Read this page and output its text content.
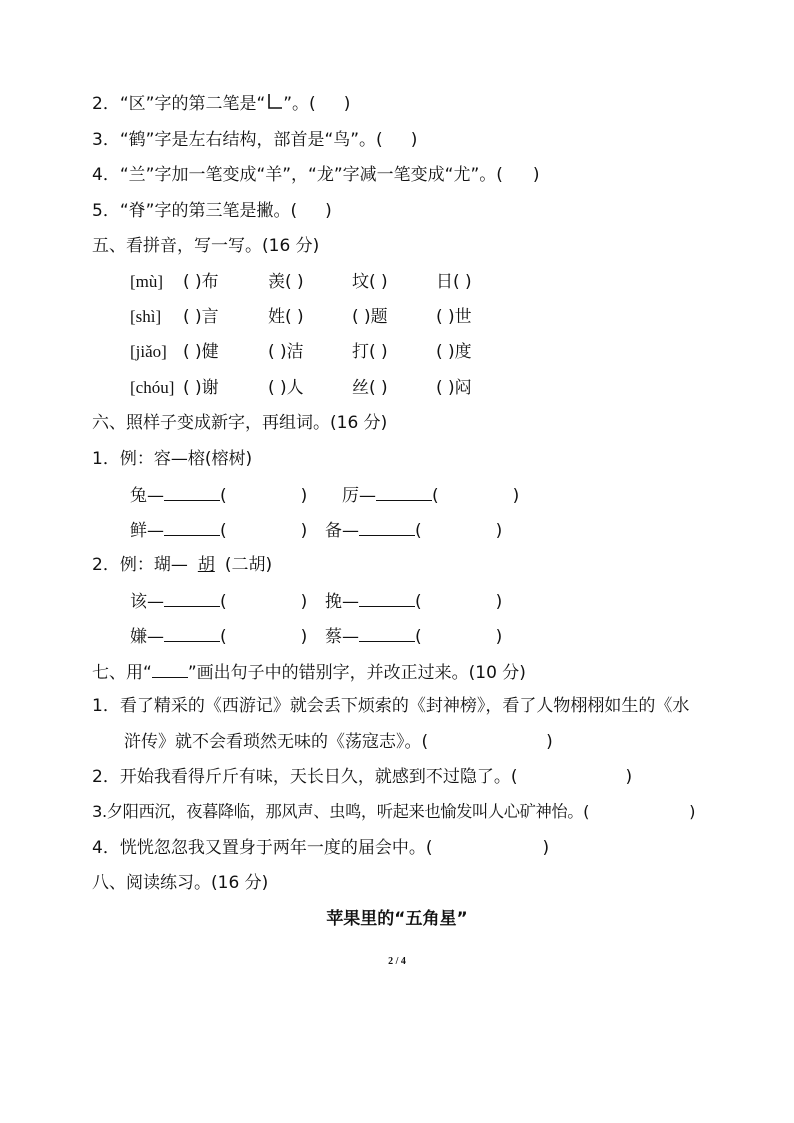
2．“区”字的第二笔是“ ”。( )
3．“鹤”字是左右结构，部首是“鸟”。( )
4．“兰”字加一笔变成“羊”，“龙”字减一笔变成“尤”。( )
5．“脊”字的第三笔是撇。( )
五、看拼音，写一写。(16 分)
[mù] ( )布	羡( )	坟( )	日( )
[shì] ( )言	姓( )	( )题	( )世
[jiǎo] ( )健	( )洁	打( )	( )度
[chóu] ( )谢	( )人	丝( )	( )闷
六、照样子变成新字，再组词。(16 分)
1．例：容—榕(榕树)
兔—	(	) 厉—	(	)
鲜—	(	) 备—	(	)
2．例：瑚— 胡 (二胡)
该—	(	) 挽—	(	)
嫌—	(	) 蔡—	(	)
七、用“ ”画出句子中的错别字，并改正过来。(10 分)
1．看了精采的《西游记》就会丢下烦索的《封神榜》，看了人物栩栩如生的《水
浒传》就不会看琐然无味的《荡寇志》。(	)
2．开始我看得斤斤有味，天长日久，就感到不过隐了。(	)
3.夕阳西沉，夜暮降临，那风声、虫鸣，听起来也愉发叫人心矿神怡。(	)
4．恍恍忽忽我又置身于两年一度的届会中。(	)
八、阅读练习。(16 分)
苹果里的“五角星”
2 / 4
